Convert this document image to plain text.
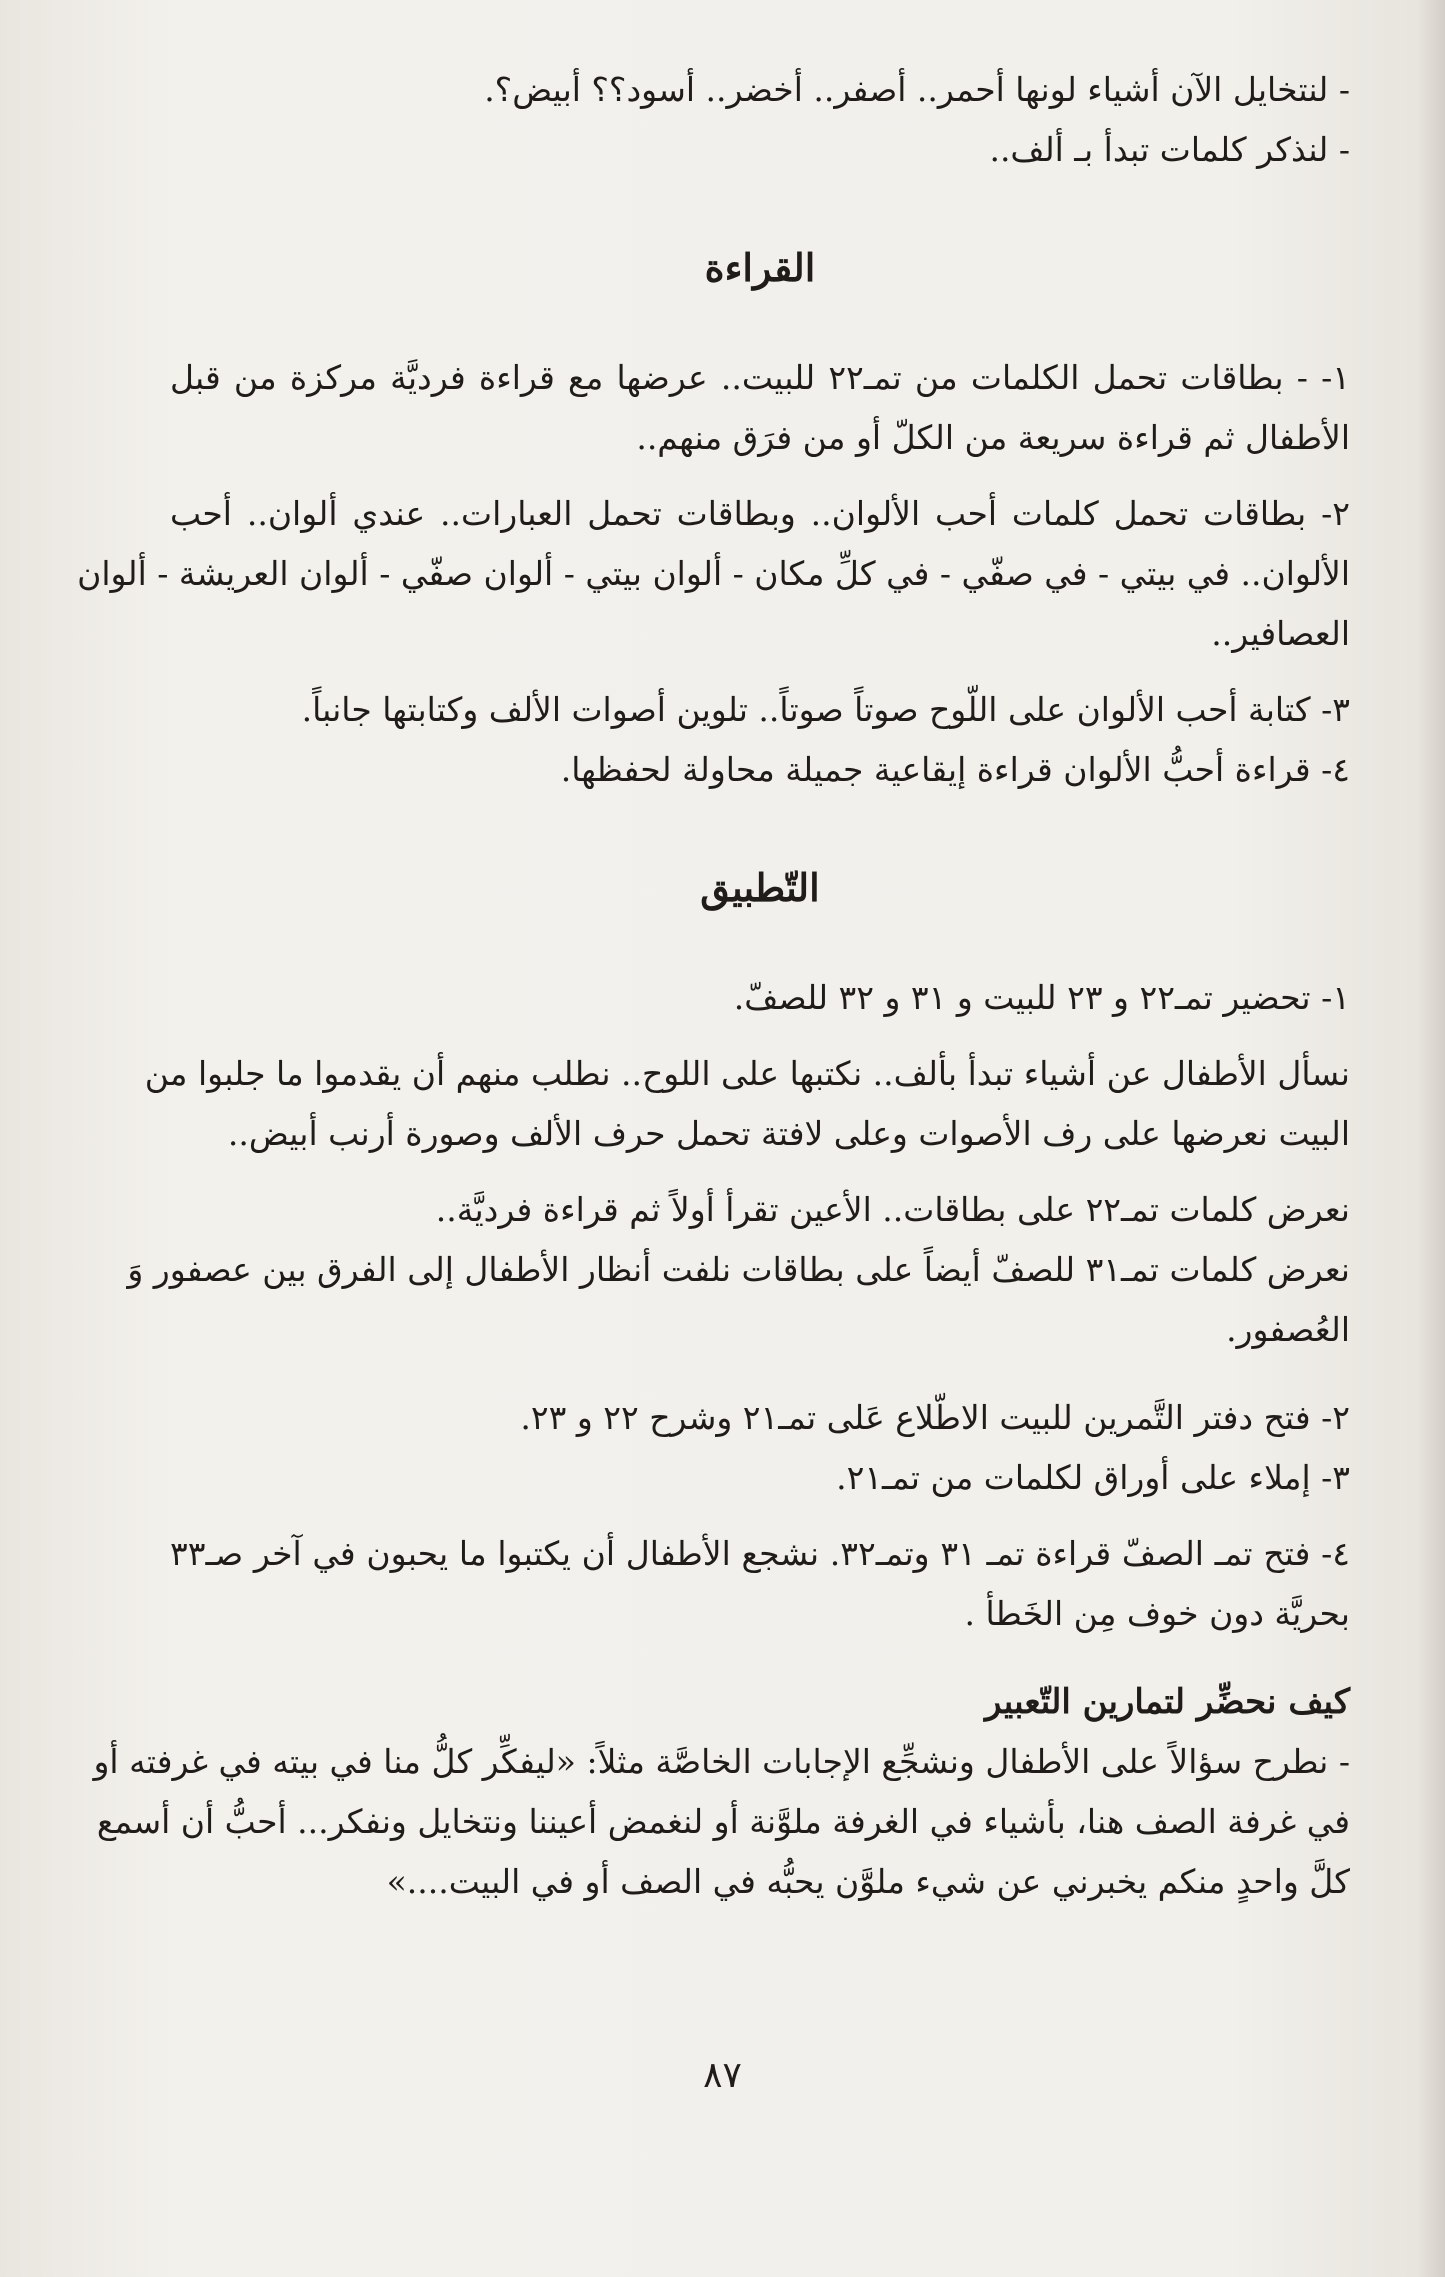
- لنتخايل الآن أشياء لونها أحمر.. أصفر.. أخضر.. أسود؟؟ أبيض؟.
- لنذكر كلمات تبدأ بـ ألف..
القراءة
١- - بطاقات تحمل الكلمات من تمـ٢٢ للبيت.. عرضها مع قراءة فرديَّة مركزة من قبل
الأطفال ثم قراءة سريعة من الكلّ أو من فرَق منهم..
٢- بطاقات تحمل كلمات أحب الألوان.. وبطاقات تحمل العبارات.. عندي ألوان.. أحب
الألوان.. في بيتي - في صفّي - في كلِّ مكان - ألوان بيتي - ألوان صفّي - ألوان العريشة - ألوان
العصافير..
٣- كتابة أحب الألوان على اللّوح صوتاً صوتاً.. تلوين أصوات الألف وكتابتها جانباً.
٤- قراءة أحبُّ الألوان قراءة إيقاعية جميلة محاولة لحفظها.
التّطبيق
١- تحضير تمـ٢٢ و ٢٣ للبيت و ٣١ و ٣٢ للصفّ.
نسأل الأطفال عن أشياء تبدأ بألف.. نكتبها على اللوح.. نطلب منهم أن يقدموا ما جلبوا من
البيت نعرضها على رف الأصوات وعلى لافتة تحمل حرف الألف وصورة أرنب أبيض..
نعرض كلمات تمـ٢٢ على بطاقات.. الأعين تقرأ أولاً ثم قراءة فرديَّة..
نعرض كلمات تمـ٣١ للصفّ أيضاً على بطاقات نلفت أنظار الأطفال إلى الفرق بين عصفور وَ
العُصفور.
٢- فتح دفتر التَّمرين للبيت الاطّلاع عَلى تمـ٢١ وشرح ٢٢ و ٢٣.
٣- إملاء على أوراق لكلمات من تمـ٢١.
٤- فتح تمـ الصفّ قراءة تمـ ٣١ وتمـ٣٢. نشجع الأطفال أن يكتبوا ما يحبون في آخر صـ٣٣
بحريَّة دون خوف مِن الخَطأ .
كيف نحضِّر لتمارين التّعبير
- نطرح سؤالاً على الأطفال ونشجِّع الإجابات الخاصَّة مثلاً: «ليفكِّر كلُّ منا في بيته في غرفته أو
في غرفة الصف هنا، بأشياء في الغرفة ملوَّنة أو لنغمض أعيننا ونتخايل ونفكر... أحبُّ أن أسمع
كلَّ واحدٍ منكم يخبرني عن شيء ملوَّن يحبُّه في الصف أو في البيت....»
٨٧
